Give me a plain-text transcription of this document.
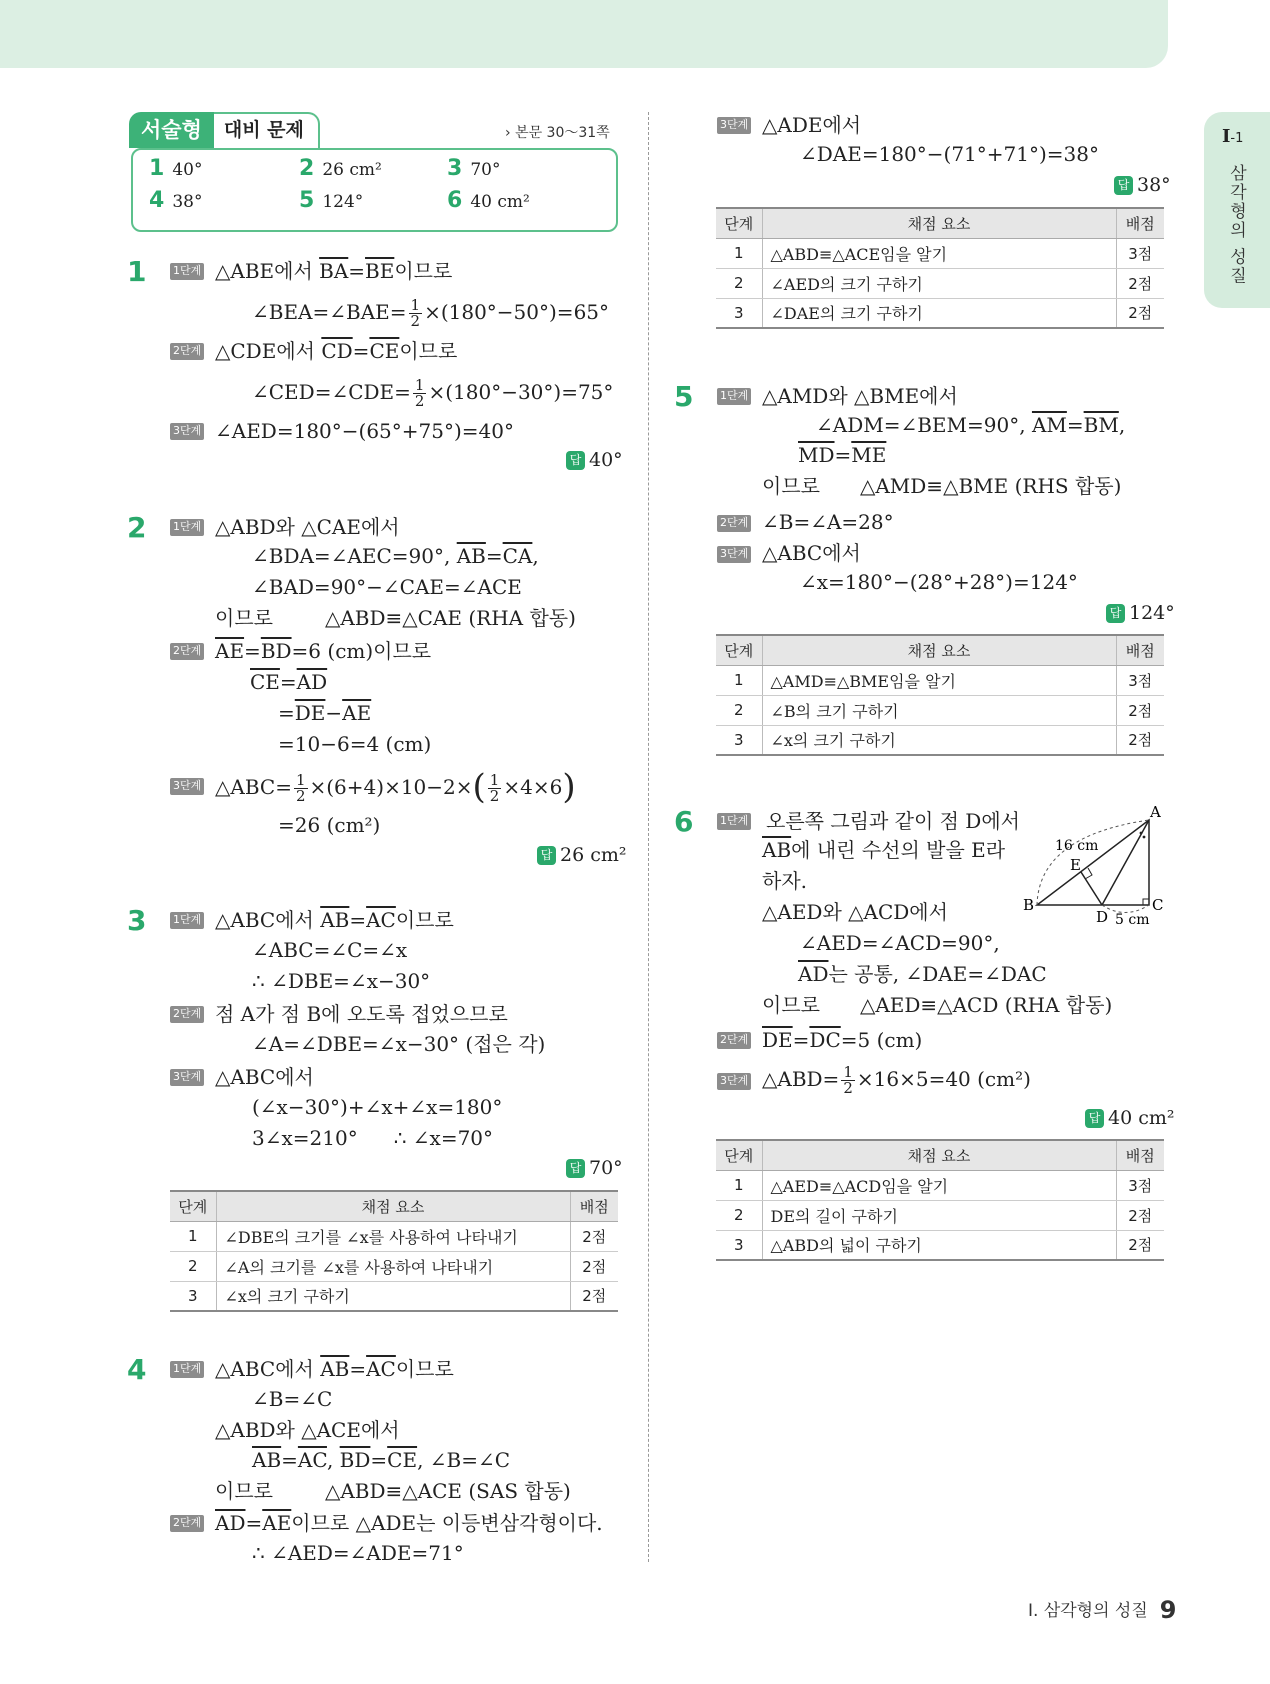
I-1
삼각형의 성질
서술형	대비 문제	› 본문 30～31쪽
1 40°	2 26 cm²	3 70°
4 38°	5 124°	6 40 cm²
1 1단계 △ABE에서 $\overline{BA}=\overline{BE}$이므로
∠BEA=∠BAE= $\frac{1}{2} \times(180^\circ-50^\circ)=65^\circ$
2단계 △CDE에서 $\overline{CD}=\overline{CE}$이므로
∠CED=∠CDE= $\frac{1}{2} \times(180^\circ-30^\circ)=75^\circ$
3단계 ∠AED=180°−(65°+75°)=40°
답 40°
2 1단계 △ABD와 △CAE에서
∠BDA=∠AEC=90°, $\overline{AB}=\overline{CA}$,
∠BAD=90°−∠CAE=∠ACE
이므로	△ABD≡△CAE (RHA 합동)
2단계 $\overline{AE}=\overline{BD}=6$ (cm)이므로
$\overline{CE}=\overline{AD}$
$=\overline{DE}-\overline{AE}$
=10−6=4 (cm)
3단계 △ABC= $\frac{1}{2} \times(6+4)\times 10-2\times( \frac{1}{2} \times 4\times 6)$
=26 (cm²)
답 26 cm²
3 1단계 △ABC에서 $\overline{AB}=\overline{AC}$이므로
∠ABC=∠C=∠x
∴ ∠DBE=∠x−30°
2단계 점 A가 점 B에 오도록 접었으므로
∠A=∠DBE=∠x−30° (접은 각)
3단계 △ABC에서
(∠x−30°)+∠x+∠x=180°
3∠x=210° ∴ ∠x=70°
답 70°
단계	채점 요소	배점
1	∠DBE의 크기를 ∠x를 사용하여 나타내기	2점
2	∠A의 크기를 ∠x를 사용하여 나타내기	2점
3	∠x의 크기 구하기	2점
4 1단계 △ABC에서 $\overline{AB}=\overline{AC}$이므로
∠B=∠C
△ABD와 △ACE에서
$\overline{AB}=\overline{AC}$, $\overline{BD}=\overline{CE}$, ∠B=∠C
이므로	△ABD≡△ACE (SAS 합동)
2단계 $\overline{AD}=\overline{AE}$이므로 △ADE는 이등변삼각형이다.
∴ ∠AED=∠ADE=71°
3단계 △ADE에서
∠DAE=180°−(71°+71°)=38°
답 38°
단계	채점 요소	배점
1	△ABD≡△ACE임을 알기	3점
2	∠AED의 크기 구하기	2점
3	∠DAE의 크기 구하기	2점
5 1단계 △AMD와 △BME에서
∠ADM=∠BEM=90°, $\overline{AM}=\overline{BM}$,
$\overline{MD}=\overline{ME}$
이므로 △AMD≡△BME (RHS 합동)
2단계 ∠B=∠A=28°
3단계 △ABC에서
∠x=180°−(28°+28°)=124°
답 124°
단계	채점 요소	배점
1	△AMD≡△BME임을 알기	3점
2	∠B의 크기 구하기	2점
3	∠x의 크기 구하기	2점
6 1단계 오른쪽 그림과 같이 점 D에서
$\overline{AB}$에 내린 수선의 발을 E라
하자.
△AED와 △ACD에서
∠AED=∠ACD=90°,
$\overline{AD}$는 공통, ∠DAE=∠DAC
이므로 △AED≡△ACD (RHA 합동)
2단계 $\overline{DE}=\overline{DC}=5$ (cm)
3단계 △ABD= $\frac{1}{2} \times 16\times 5=40$ (cm²)
답 40 cm²
A
B	C
D
E
16 cm
5 cm
단계	채점 요소	배점
1	△AED≡△ACD임을 알기	3점
2	DE의 길이 구하기	2점
3	△ABD의 넓이 구하기	2점
I. 삼각형의 성질 9
